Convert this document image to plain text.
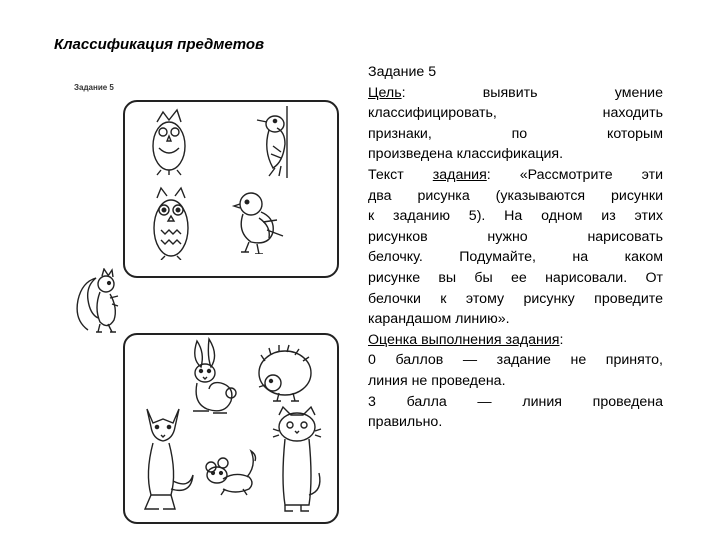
Классификация предметов
Задание 5

Задание 5

Цель: выявить умение

классифицировать, находить

признаки, по которым

произведена классификация.

Текст задания: «Рассмотрите эти

два рисунка (указываются рисунки

к заданию 5). На одном из этих

рисунков нужно нарисовать

белочку. Подумайте, на каком

рисунке вы бы ее нарисовали. От

белочки к этому рисунку проведите

карандашом линию».

Оценка выполнения задания:

0 баллов — задание не принято,

линия не проведена.

3 балла — линия проведена

правильно.
